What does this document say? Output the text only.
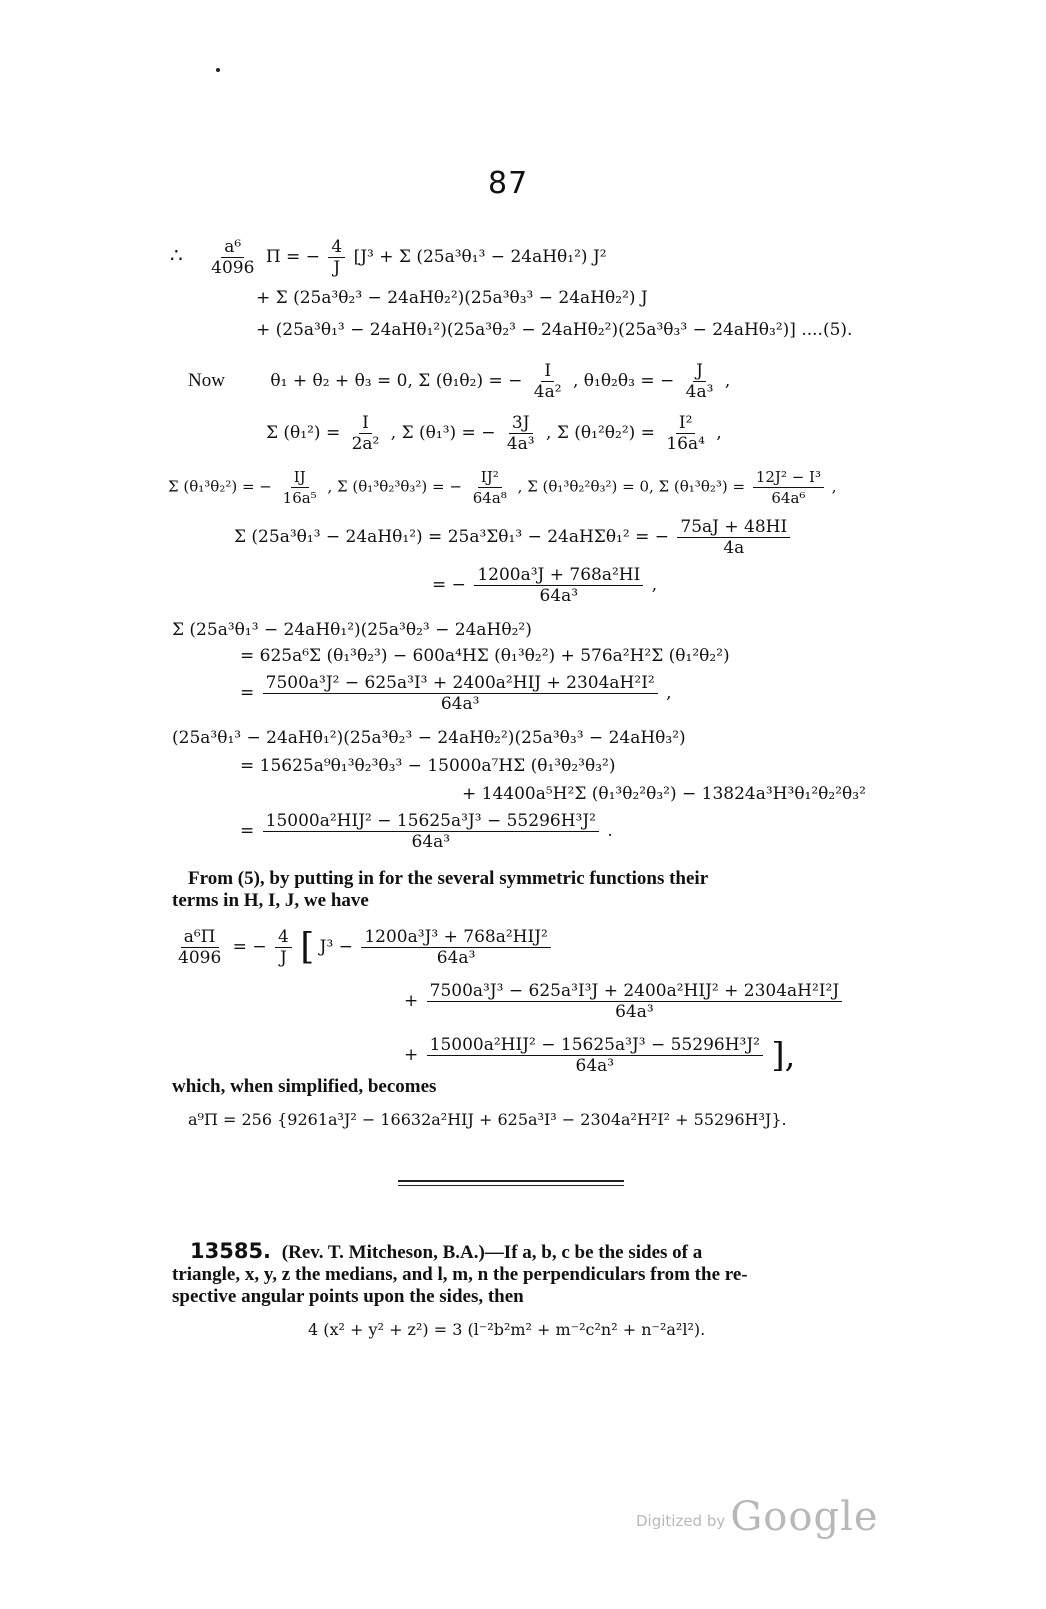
87
∴ $\frac{\text{a⁶}}{4096}$ Π = − $\frac{4}{J} [J^3 + \Sigma$ (25a³θ₁³ − 24aHθ₁²) J²
+ Σ (25a³θ₂³ − 24aHθ₂²)(25a³θ₃³ − 24aHθ₂²) J
+ (25a³θ₁³ − 24aHθ₁²)(25a³θ₂³ − 24aHθ₂²)(25a³θ₃³ − 24aHθ₃²)] ....(5).
Now	θ₁ + θ₂ + θ₃ = 0, Σ (θ₁θ₂) = − $\frac{I}{\text{4a²}}$ , θ₁θ₂θ₃ = − $\frac{J}{\text{4a³}}$ ,
Σ $(\theta_1^2) = \frac{I}{\text{2a²}}$ , Σ (θ₁³) = − $\frac{3J}{\text{4a³}}$ , Σ $(\theta_1^2\theta_2^2) = \frac{\text{I²}}{\text{16a⁴}}$ ,
Σ (θ₁³θ₂²) = − $\frac{IJ}{\text{16a⁵}}$ , Σ (θ₁³θ₂³θ₃²) = − $\frac{\text{IJ²}}{\text{64a⁸}}$ , Σ (θ₁³θ₂²θ₃²) = 0, Σ $(\theta_1^3\theta_2^3) = \frac{\text{12J² − I³}}{\text{64a⁶}}$ ,
Σ (25a³θ₁³ − 24aHθ₁²) = 25a³Σθ₁³ − 24aHΣθ₁² = − $\frac{75aJ + 48HI}{4a}$
= − $\frac{\text{1200a³J + 768a²HI}}{\text{64a³}}$ ,
Σ (25a³θ₁³ − 24aHθ₁²)(25a³θ₂³ − 24aHθ₂²)
= 625a⁶Σ (θ₁³θ₂³) − 600a⁴HΣ (θ₁³θ₂²) + 576a²H²Σ (θ₁²θ₂²)
= $\frac{\text{7500a³J² − 625a³I³ + 2400a²HIJ + 2304aH²I²}}{\text{64a³}}$ ,
(25a³θ₁³ − 24aHθ₁²)(25a³θ₂³ − 24aHθ₂²)(25a³θ₃³ − 24aHθ₃²)
= 15625a⁹θ₁³θ₂³θ₃³ − 15000a⁷HΣ (θ₁³θ₂³θ₃²)
+ 14400a⁵H²Σ (θ₁³θ₂²θ₃²) − 13824a³H³θ₁²θ₂²θ₃²
= $\frac{\text{15000a²HIJ² − 15625a³J³ − 55296H³J²}}{\text{64a³}}$ .
From (5), by putting in for the several symmetric functions their
terms in H, I, J, we have
$\frac{\text{a⁶Π}}{4096}$ = − $\frac{4}{J}$ [ $J^3 - \frac{\text{1200a³J³ + 768a²HIJ²}}{\text{64a³}}$
+ $\frac{\text{7500a³J³ − 625a³I³J + 2400a²HIJ² + 2304aH²I²J}}{\text{64a³}}$
+ $\frac{\text{15000a²HIJ² − 15625a³J³ − 55296H³J²}}{\text{64a³}}$ ],
which, when simplified, becomes
a⁹Π = 256 {9261a³J² − 16632a²HIJ + 625a³I³ − 2304a²H²I² + 55296H³J}.
13585. (Rev. T. Mitcheson, B.A.)—If a, b, c be the sides of a
triangle, x, y, z the medians, and l, m, n the perpendiculars from the re-
spective angular points upon the sides, then
4 (x² + y² + z²) = 3 (l⁻²b²m² + m⁻²c²n² + n⁻²a²l²).
Digitized by Google
